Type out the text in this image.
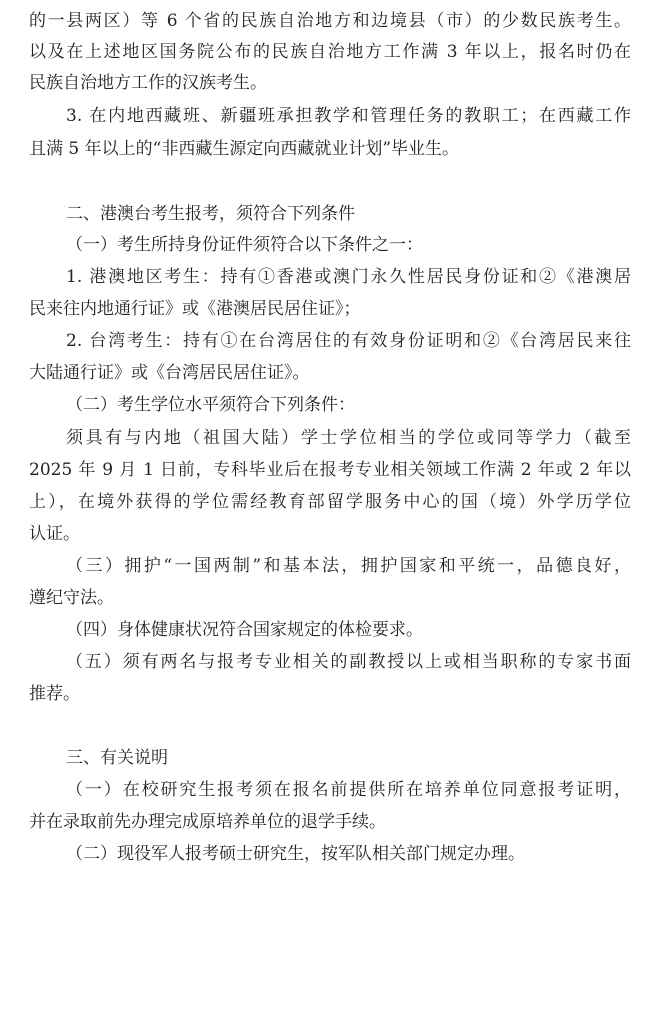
的一县两区）等 6 个省的民族自治地方和边境县（市）的少数民族考生。
以及在上述地区国务院公布的民族自治地方工作满 3 年以上，报名时仍在
民族自治地方工作的汉族考生。
3. 在内地西藏班、新疆班承担教学和管理任务的教职工；在西藏工作
且满 5 年以上的“非西藏生源定向西藏就业计划”毕业生。
二、港澳台考生报考，须符合下列条件
（一）考生所持身份证件须符合以下条件之一：
1. 港澳地区考生：持有①香港或澳门永久性居民身份证和②《港澳居
民来往内地通行证》或《港澳居民居住证》；
2. 台湾考生：持有①在台湾居住的有效身份证明和②《台湾居民来往
大陆通行证》或《台湾居民居住证》。
（二）考生学位水平须符合下列条件：
须具有与内地（祖国大陆）学士学位相当的学位或同等学力（截至
2025 年 9 月 1 日前，专科毕业后在报考专业相关领域工作满 2 年或 2 年以
上），在境外获得的学位需经教育部留学服务中心的国（境）外学历学位
认证。
（三）拥护“一国两制”和基本法，拥护国家和平统一，品德良好，
遵纪守法。
（四）身体健康状况符合国家规定的体检要求。
（五）须有两名与报考专业相关的副教授以上或相当职称的专家书面
推荐。
三、有关说明
（一）在校研究生报考须在报名前提供所在培养单位同意报考证明，
并在录取前先办理完成原培养单位的退学手续。
（二）现役军人报考硕士研究生，按军队相关部门规定办理。
